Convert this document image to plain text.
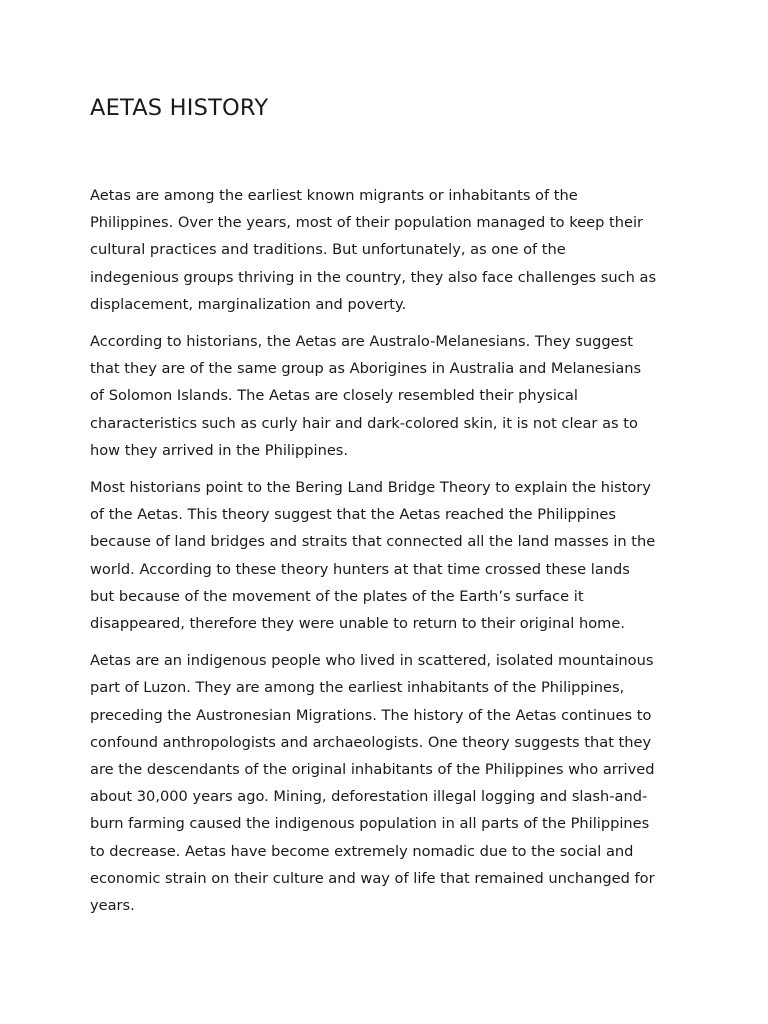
AETAS HISTORY

Aetas are among the earliest known migrants or inhabitants of the
Philippines. Over the years, most of their population managed to keep their
cultural practices and traditions. But unfortunately, as one of the
indegenious groups thriving in the country, they also face challenges such as
displacement, marginalization and poverty.

According to historians, the Aetas are Australo-Melanesians. They suggest
that they are of the same group as Aborigines in Australia and Melanesians
of Solomon Islands. The Aetas are closely resembled their physical
characteristics such as curly hair and dark-colored skin, it is not clear as to
how they arrived in the Philippines.

Most historians point to the Bering Land Bridge Theory to explain the history
of the Aetas. This theory suggest that the Aetas reached the Philippines
because of land bridges and straits that connected all the land masses in the
world. According to these theory hunters at that time crossed these lands
but because of the movement of the plates of the Earth’s surface it
disappeared, therefore they were unable to return to their original home.

Aetas are an indigenous people who lived in scattered, isolated mountainous
part of Luzon. They are among the earliest inhabitants of the Philippines,
preceding the Austronesian Migrations. The history of the Aetas continues to
confound anthropologists and archaeologists. One theory suggests that they
are the descendants of the original inhabitants of the Philippines who arrived
about 30,000 years ago. Mining, deforestation illegal logging and slash-and-
burn farming caused the indigenous population in all parts of the Philippines
to decrease. Aetas have become extremely nomadic due to the social and
economic strain on their culture and way of life that remained unchanged for
years.
